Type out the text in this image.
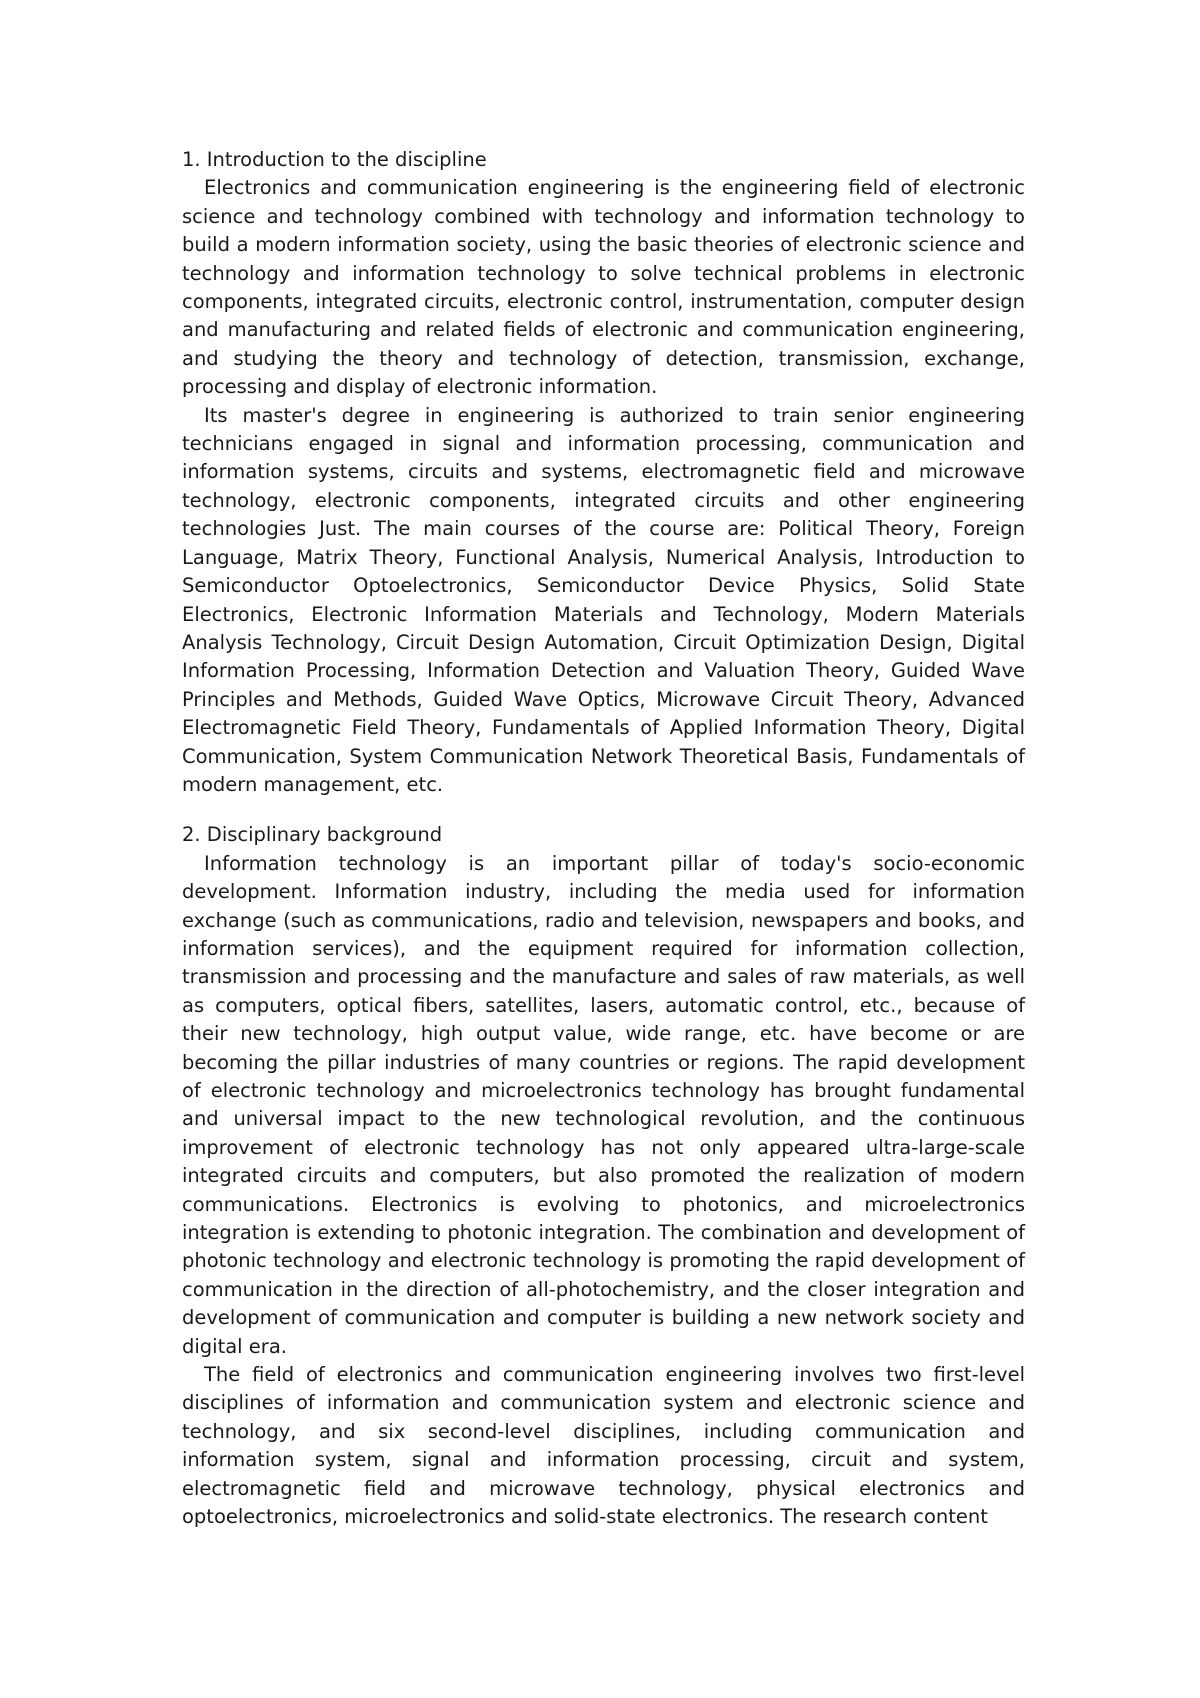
1. Introduction to the discipline

Electronics and communication engineering is the engineering field of electronic science and technology combined with technology and information technology to build a modern information society, using the basic theories of electronic science and technology and information technology to solve technical problems in electronic components, integrated circuits, electronic control, instrumentation, computer design and manufacturing and related fields of electronic and communication engineering, and studying the theory and technology of detection, transmission, exchange, processing and display of electronic information.

Its master's degree in engineering is authorized to train senior engineering technicians engaged in signal and information processing, communication and information systems, circuits and systems, electromagnetic field and microwave technology, electronic components, integrated circuits and other engineering technologies Just. The main courses of the course are: Political Theory, Foreign Language, Matrix Theory, Functional Analysis, Numerical Analysis, Introduction to Semiconductor Optoelectronics, Semiconductor Device Physics, Solid State Electronics, Electronic Information Materials and Technology, Modern Materials Analysis Technology, Circuit Design Automation, Circuit Optimization Design, Digital Information Processing, Information Detection and Valuation Theory, Guided Wave Principles and Methods, Guided Wave Optics, Microwave Circuit Theory, Advanced Electromagnetic Field Theory, Fundamentals of Applied Information Theory, Digital Communication, System Communication Network Theoretical Basis, Fundamentals of modern management, etc.

2. Disciplinary background

Information technology is an important pillar of today's socio-economic development. Information industry, including the media used for information exchange (such as communications, radio and television, newspapers and books, and information services), and the equipment required for information collection, transmission and processing and the manufacture and sales of raw materials, as well as computers, optical fibers, satellites, lasers, automatic control, etc., because of their new technology, high output value, wide range, etc. have become or are becoming the pillar industries of many countries or regions. The rapid development of electronic technology and microelectronics technology has brought fundamental and universal impact to the new technological revolution, and the continuous improvement of electronic technology has not only appeared ultra-large-scale integrated circuits and computers, but also promoted the realization of modern communications. Electronics is evolving to photonics, and microelectronics integration is extending to photonic integration. The combination and development of photonic technology and electronic technology is promoting the rapid development of communication in the direction of all-photochemistry, and the closer integration and development of communication and computer is building a new network society and digital era.

The field of electronics and communication engineering involves two first-level disciplines of information and communication system and electronic science and technology, and six second-level disciplines, including communication and information system, signal and information processing, circuit and system, electromagnetic field and microwave technology, physical electronics and optoelectronics, microelectronics and solid-state electronics. The research content
